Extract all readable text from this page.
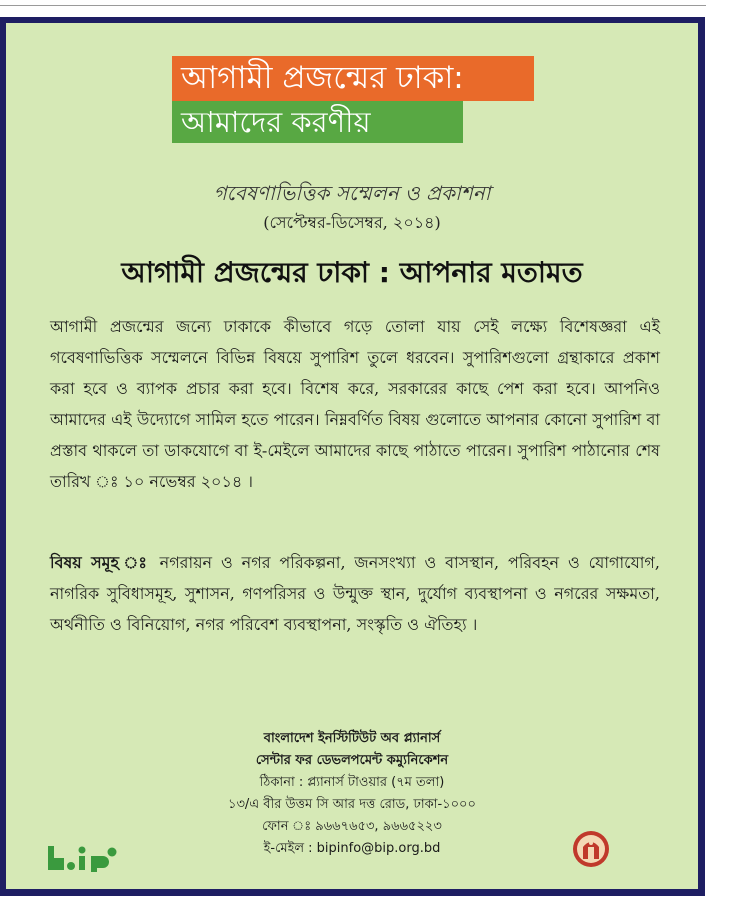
আগামী প্রজন্মের ঢাকা:
আমাদের করণীয়
গবেষণাভিত্তিক সম্মেলন ও প্রকাশনা
(সেপ্টেম্বর-ডিসেম্বর, ২০১৪)
আগামী প্রজন্মের ঢাকা : আপনার মতামত

আগামী প্রজন্মের জন্যে ঢাকাকে কীভাবে গড়ে তোলা যায় সেই লক্ষ্যে বিশেষজ্ঞরা এই গবেষণাভিত্তিক সম্মেলনে বিভিন্ন বিষয়ে সুপারিশ তুলে ধরবেন। সুপারিশগুলো গ্রন্থাকারে প্রকাশ করা হবে ও ব্যাপক প্রচার করা হবে। বিশেষ করে, সরকারের কাছে পেশ করা হবে। আপনিও আমাদের এই উদ্যোগে সামিল হতে পারেন। নিম্নবর্ণিত বিষয় গুলোতে আপনার কোনো সুপারিশ বা প্রস্তাব থাকলে তা ডাকযোগে বা ই-মেইলে আমাদের কাছে পাঠাতে পারেন। সুপারিশ পাঠানোর শেষ তারিখ ঃ ১০ নভেম্বর ২০১৪ ।

বিষয় সমূহ ঃ নগরায়ন ও নগর পরিকল্পনা, জনসংখ্যা ও বাসস্থান, পরিবহন ও যোগাযোগ, নাগরিক সুবিধাসমূহ, সুশাসন, গণপরিসর ও উন্মুক্ত স্থান, দুর্যোগ ব্যবস্থাপনা ও নগরের সক্ষমতা, অর্থনীতি ও বিনিয়োগ, নগর পরিবেশ ব্যবস্থাপনা, সংস্কৃতি ও ঐতিহ্য ।

বাংলাদেশ ইনস্টিটিউট অব প্ল্যানার্স
সেন্টার ফর ডেভলপমেন্ট কম্যুনিকেশন
ঠিকানা : প্ল্যানার্স টাওয়ার (৭ম তলা)
১৩/এ বীর উত্তম সি আর দত্ত রোড, ঢাকা-১০০০
ফোন ঃ ৯৬৬৭৬৫৩, ৯৬৬৫২২৩
ই-মেইল : bipinfo@bip.org.bd
